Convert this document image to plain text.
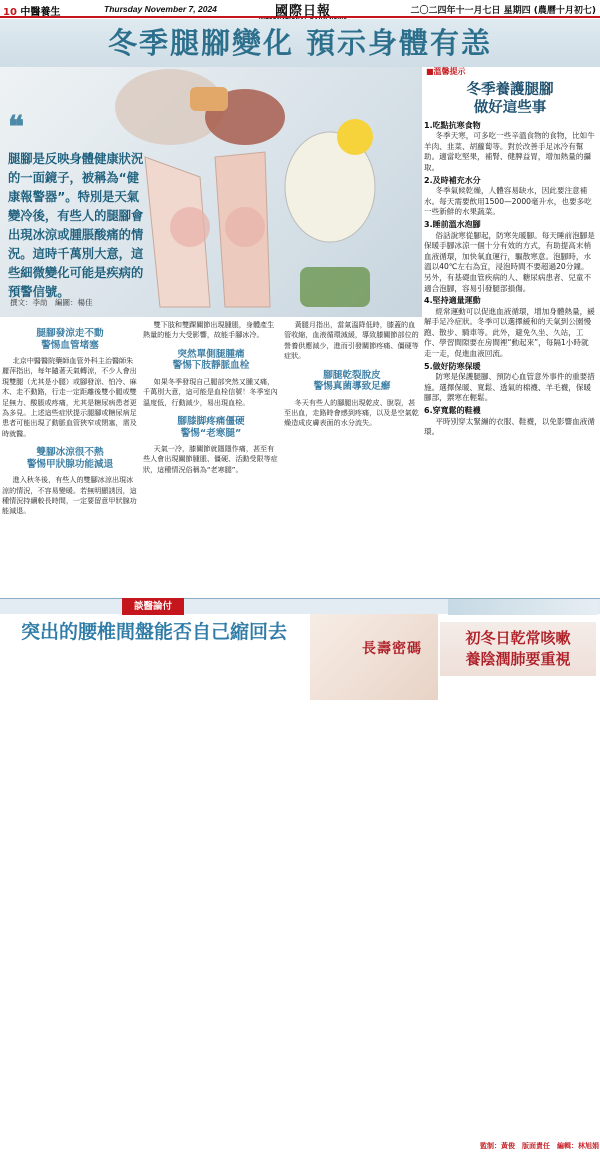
10 中醫養生	Thursday November 7, 2024	國際日報	二〇二四年十一月七日 星期四 (農曆十月初七)
冬季腿腳變化 預示身體有恙
❝
腿腳是反映身體健康狀況的一面鏡子，被稱為“健康報警器”。特別是天氣變冷後，有些人的腿腳會出現冰涼或腫脹酸痛的情況。這時千萬別大意，這些細微變化可能是疾病的預警信號。
撰文：李劼　編圖：楊佳
■溫馨提示
冬季養護腿腳
做好這些事
1.吃點抗寒食物

冬季天寒，可多吃一些辛溫食物的食物，比如牛羊肉、韭菜、胡蘿蔔等。對於改善手足冰冷有幫助。適當吃堅果，補腎、健脾益胃，增加熱量的攝取。

2.及時補充水分

冬季氣候乾燥，人體容易缺水，因此要注意補水。每天需要飲用1500—2000毫升水，也要多吃一些新鮮的水果蔬菜。

3.睡前溫水泡腳

俗話說寒從腳起，防寒先暖腳。每天睡前泡腳是保暖手腳冰涼一個十分有效的方式，有助提高末梢血液循環，加快氧血運行，驅散寒意。泡腳時，水溫以40℃左右為宜，浸泡時間不要超過20分鐘。另外，有基礎血管疾病的人、糖尿病患者、兒童不適合泡腳，容易引發腿部損傷。

4.堅持適量運動

經常運動可以促進血液循環，增加身體熱量，緩解手足冷症狀。冬季可以選擇緩和的天氣到公園慢跑、散步、騎車等。此外，避免久坐、久站，工作、學習間隙要在房間裡“動起來”，每隔1小時就走一走，促進血液回流。

5.做好防寒保暖

防寒是保護腿腳、預防心血管意外事件的重要措施。選擇保暖、寬鬆、透氣的棉襪、羊毛襪，保暖腳部，禦寒在輕鬆。

6.穿寬鬆的鞋襪

平時別穿太緊繃的衣服、鞋襪，以免影響血液循環。

腿腳發涼走不動
警惕血管堵塞

北京中醫醫院藥師血管外科主治醫師朱麗萍指出，每年隨著天氣轉涼，不少人會出現雙腿（尤其是小腿）或腳發涼、怕冷、麻木、走不動路，行走一定距離後雙小腿或雙足無力、酸脹或疼痛，尤其是糖尿病患者更為多見。上述這些症狀提示腿腳或糖尿病足患者可能出現了動脈血管狹窄或閉塞，需及時就醫。

雙腳冰涼很不熱
警惕甲狀腺功能減退

進入秋冬後，有些人的雙腳冰涼出現冰涼的情況，不容易變暖。若無明顯誘因，這種情況持續較長時間，一定要留意甲狀腺功能減退。

雙下肢和雙踝關節出現腫脹，身體產生熱量的能力大受影響，故能手腳冰冷。

突然單側腿腫痛
警惕下肢靜脈血栓

如果冬季發現自己腿部突然又腫又痛，千萬別大意，這可能是血栓信號！冬季室內溫度低，行動減少，易出現血栓。

腳膝脚疼痛僵硬
警惕“老寒腿”

天氣一冷，膝關節就隱隱作痛，甚至有些人會出現關節腫脹、僵硬、活動受限等症狀，這種情況俗稱為“老寒腿”。

黃腿月指出，當氣溫降低時，膝蓋的血管收縮，血液循環減緩，導致膝關節部位的營養供應減少，進而引發關節疼痛、僵硬等症狀。

腳腿乾裂脫皮
警惕真菌導致足癬

冬天有些人的腳腿出現乾皮、脫裂，甚至出血，走路時會感到疼痛，以及是空氣乾燥造成皮膚表面的水分流失。

談醫論付
突出的腰椎間盤能否自己縮回去
長壽密碼
初冬日乾常咳嗽
養陰潤肺要重視
監制：黃俊　版面責任　編輯：林旭娟
